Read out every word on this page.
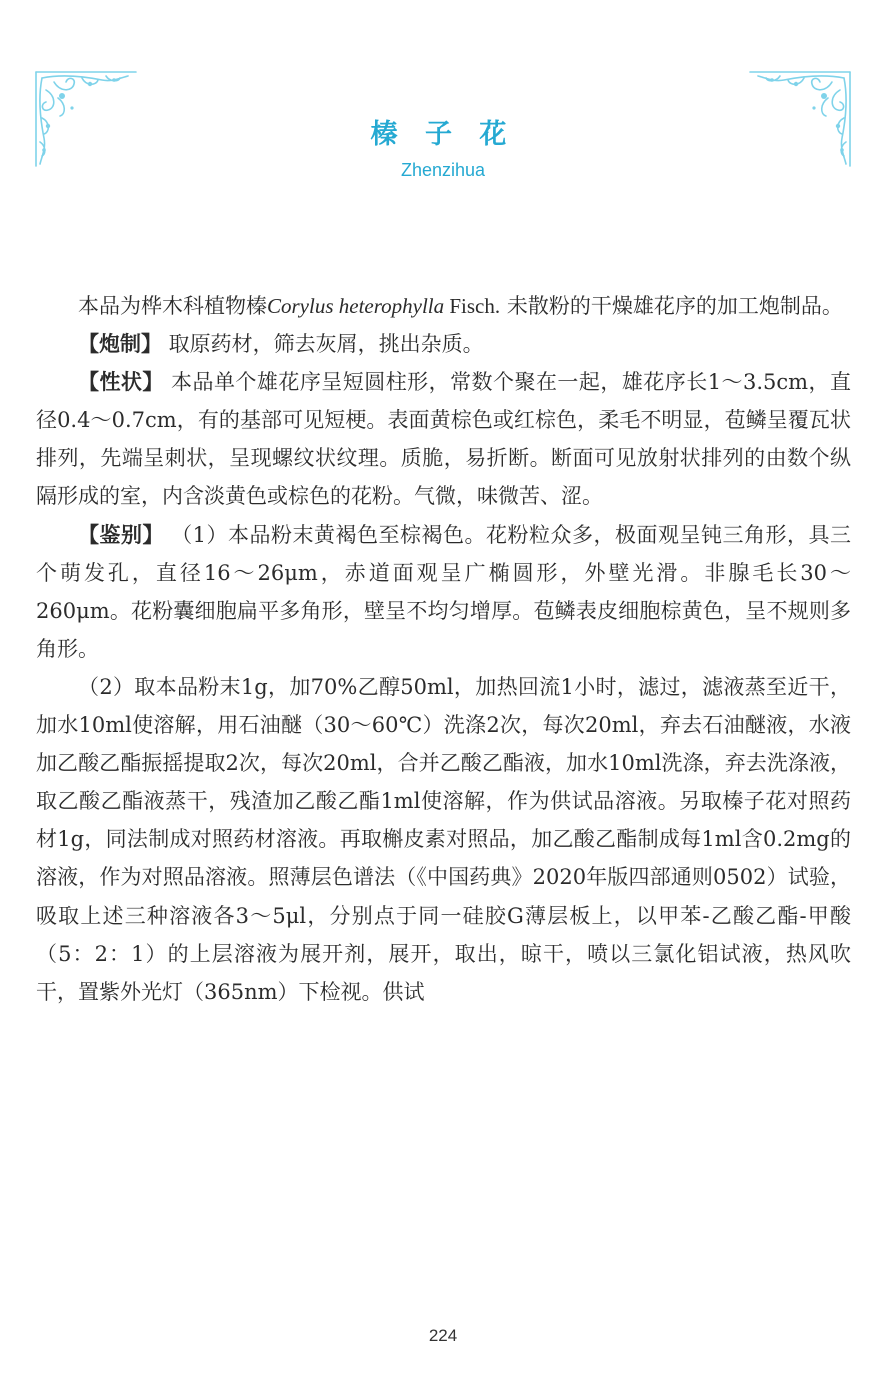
榛 子 花
Zhenzihua

本品为桦木科植物榛Corylus heterophylla Fisch. 未散粉的干燥雄花序的加工炮制品。

【炮制】 取原药材，筛去灰屑，挑出杂质。

【性状】 本品单个雄花序呈短圆柱形，常数个聚在一起，雄花序长1～3.5cm，直径0.4～0.7cm，有的基部可见短梗。表面黄棕色或红棕色，柔毛不明显，苞鳞呈覆瓦状排列，先端呈刺状，呈现螺纹状纹理。质脆，易折断。断面可见放射状排列的由数个纵隔形成的室，内含淡黄色或棕色的花粉。气微，味微苦、涩。

【鉴别】 （1）本品粉末黄褐色至棕褐色。花粉粒众多，极面观呈钝三角形，具三个萌发孔，直径16～26μm，赤道面观呈广椭圆形，外壁光滑。非腺毛长30～260μm。花粉囊细胞扁平多角形，壁呈不均匀增厚。苞鳞表皮细胞棕黄色，呈不规则多角形。

（2）取本品粉末1g，加70%乙醇50ml，加热回流1小时，滤过，滤液蒸至近干，加水10ml使溶解，用石油醚（30～60℃）洗涤2次，每次20ml，弃去石油醚液，水液加乙酸乙酯振摇提取2次，每次20ml，合并乙酸乙酯液，加水10ml洗涤，弃去洗涤液，取乙酸乙酯液蒸干，残渣加乙酸乙酯1ml使溶解，作为供试品溶液。另取榛子花对照药材1g，同法制成对照药材溶液。再取槲皮素对照品，加乙酸乙酯制成每1ml含0.2mg的溶液，作为对照品溶液。照薄层色谱法（《中国药典》2020年版四部通则0502）试验，吸取上述三种溶液各3～5μl，分别点于同一硅胶G薄层板上，以甲苯-乙酸乙酯-甲酸（5：2：1）的上层溶液为展开剂，展开，取出，晾干，喷以三氯化铝试液，热风吹干，置紫外光灯（365nm）下检视。供试

224
